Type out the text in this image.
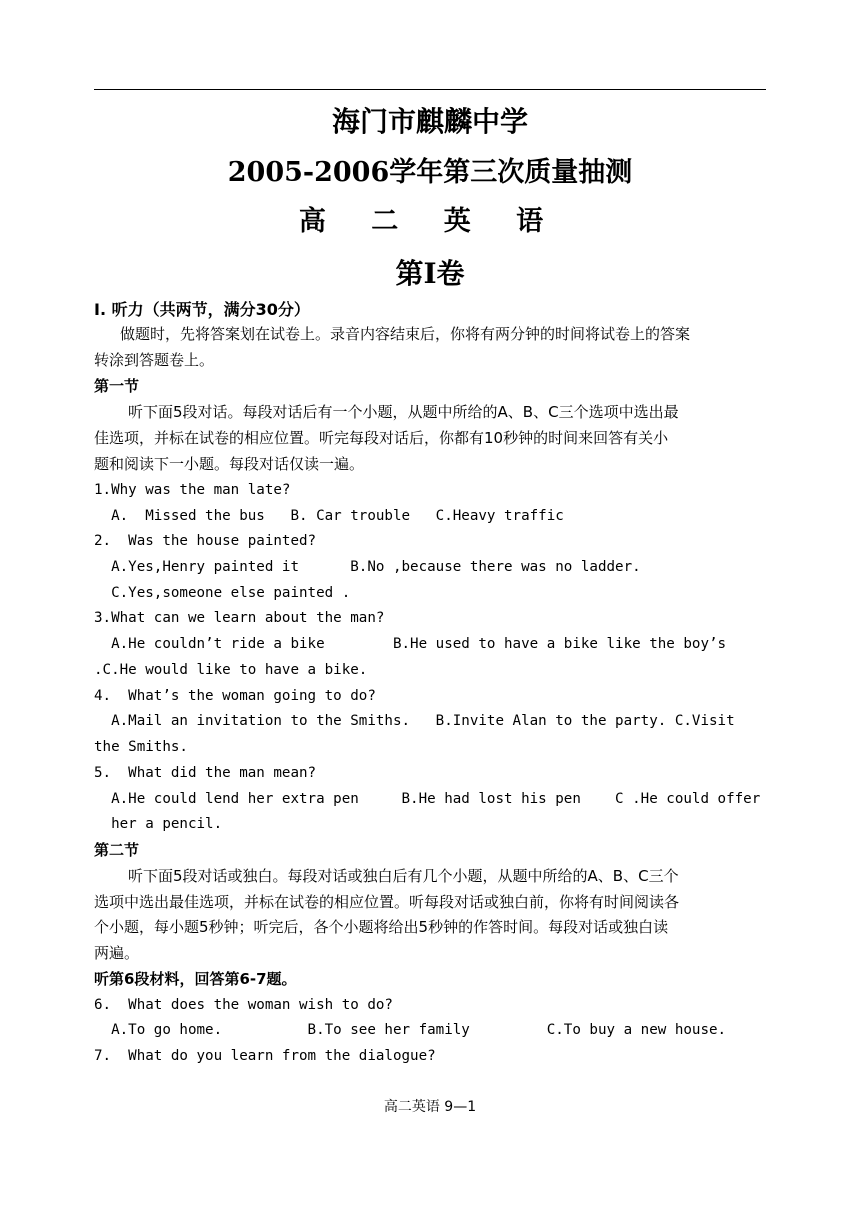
海门市麒麟中学
2005-2006学年第三次质量抽测
高 二 英 语
第Ⅰ卷
Ⅰ. 听力（共两节，满分30分）
做题时，先将答案划在试卷上。录音内容结束后，你将有两分钟的时间将试卷上的答案
转涂到答题卷上。
第一节
听下面5段对话。每段对话后有一个小题，从题中所给的A、B、C三个选项中选出最
佳选项，并标在试卷的相应位置。听完每段对话后，你都有10秒钟的时间来回答有关小
题和阅读下一小题。每段对话仅读一遍。
1.Why was the man late?
A.  Missed the bus   B. Car trouble   C.Heavy traffic
2.  Was the house painted?
A.Yes,Henry painted it      B.No ,because there was no ladder.
C.Yes,someone else painted .
3.What can we learn about the man?
A.He couldn’t ride a bike        B.He used to have a bike like the boy’s
.C.He would like to have a bike.
4.  What’s the woman going to do?
A.Mail an invitation to the Smiths.   B.Invite Alan to the party. C.Visit
the Smiths.
5.  What did the man mean?
A.He could lend her extra pen     B.He had lost his pen    C .He could offer
her a pencil.
第二节
听下面5段对话或独白。每段对话或独白后有几个小题，从题中所给的A、B、C三个
选项中选出最佳选项，并标在试卷的相应位置。听每段对话或独白前，你将有时间阅读各
个小题，每小题5秒钟；听完后，各个小题将给出5秒钟的作答时间。每段对话或独白读
两遍。
听第6段材料，回答第6-7题。
6.  What does the woman wish to do?
A.To go home.          B.To see her family         C.To buy a new house.
7.  What do you learn from the dialogue?
高二英语 9—1
